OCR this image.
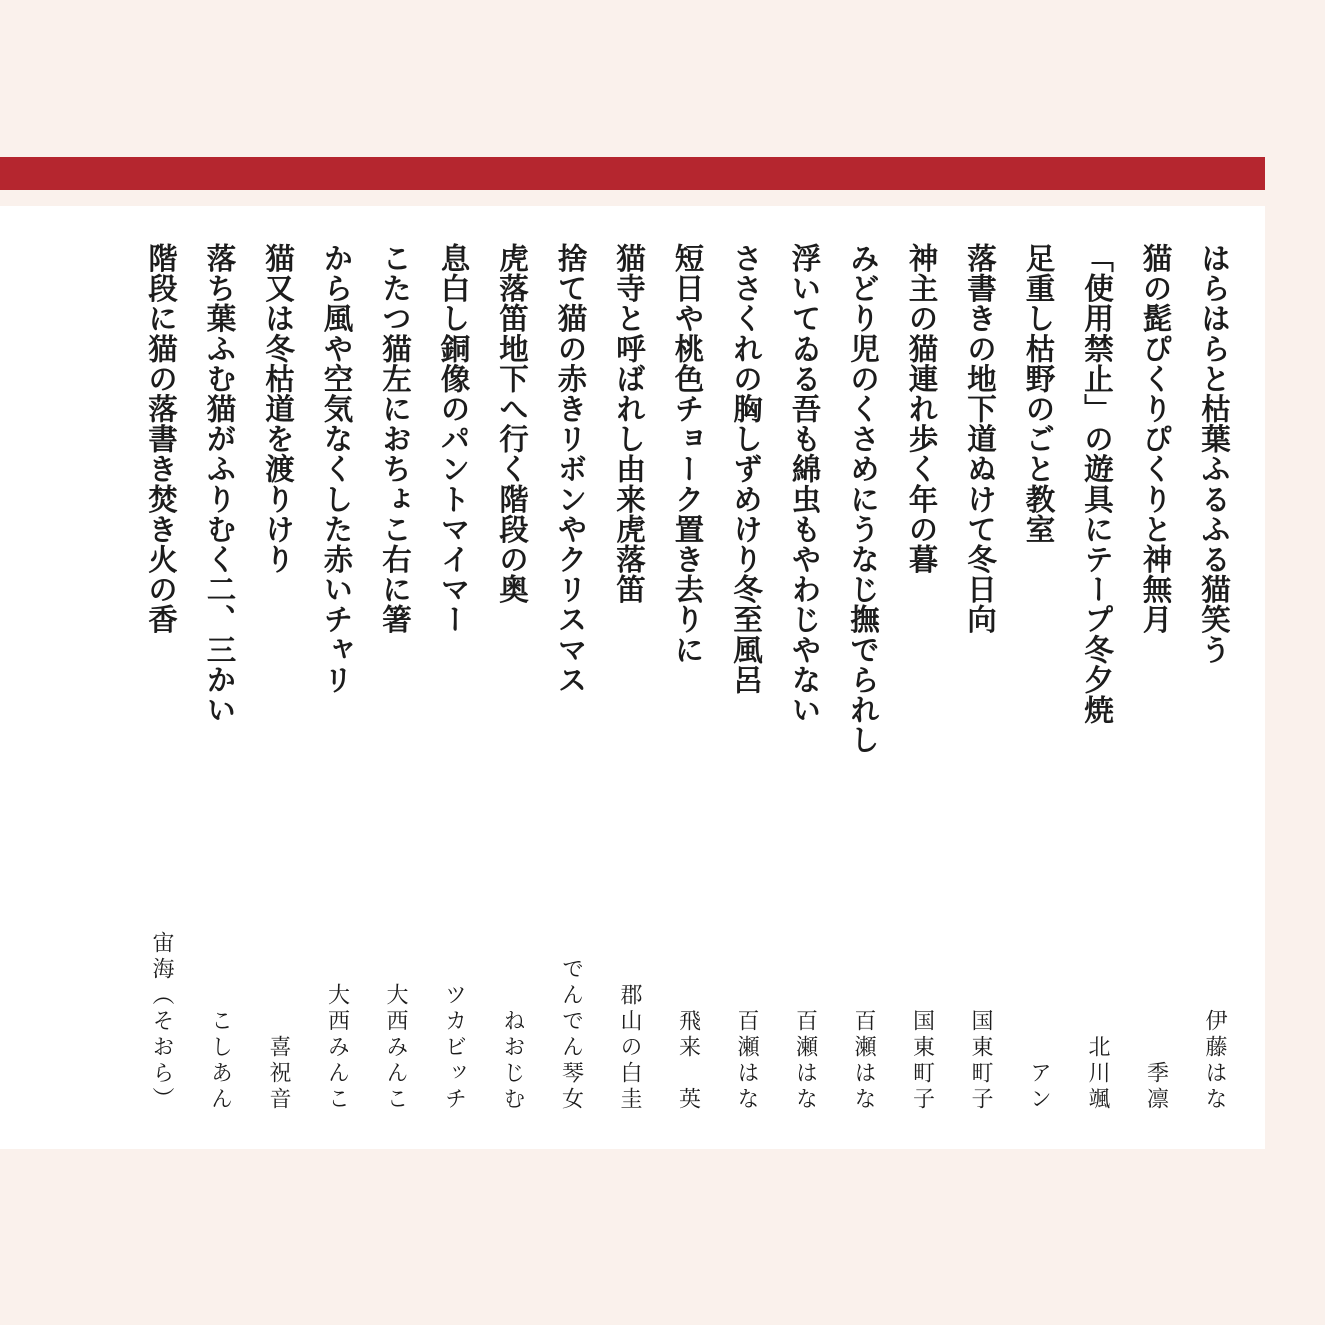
はらはらと枯葉ふるふる猫笑う
伊藤はな
猫の髭ぴくりぴくりと神無月
季凛
「使用禁止」の遊具にテープ冬夕焼
北川颯
足重し枯野のごと教室
アン
落書きの地下道ぬけて冬日向
国東町子
神主の猫連れ歩く年の暮
国東町子
みどり児のくさめにうなじ撫でられし
百瀬はな
浮いてゐる吾も綿虫もやわじやない
百瀬はな
ささくれの胸しずめけり冬至風呂
百瀬はな
短日や桃色チョーク置き去りに
飛来　英
猫寺と呼ばれし由来虎落笛
郡山の白圭
捨て猫の赤きリボンやクリスマス
でんでん琴女
虎落笛地下へ行く階段の奥
ねおじむ
息白し銅像のパントマイマー
ツカビッチ
こたつ猫左におちょこ右に箸
大西みんこ
から風や空気なくした赤いチャリ
大西みんこ
猫又は冬枯道を渡りけり
喜祝音
落ち葉ふむ猫がふりむく二、三かい
こしあん
階段に猫の落書き焚き火の香
宙海（そおら）
